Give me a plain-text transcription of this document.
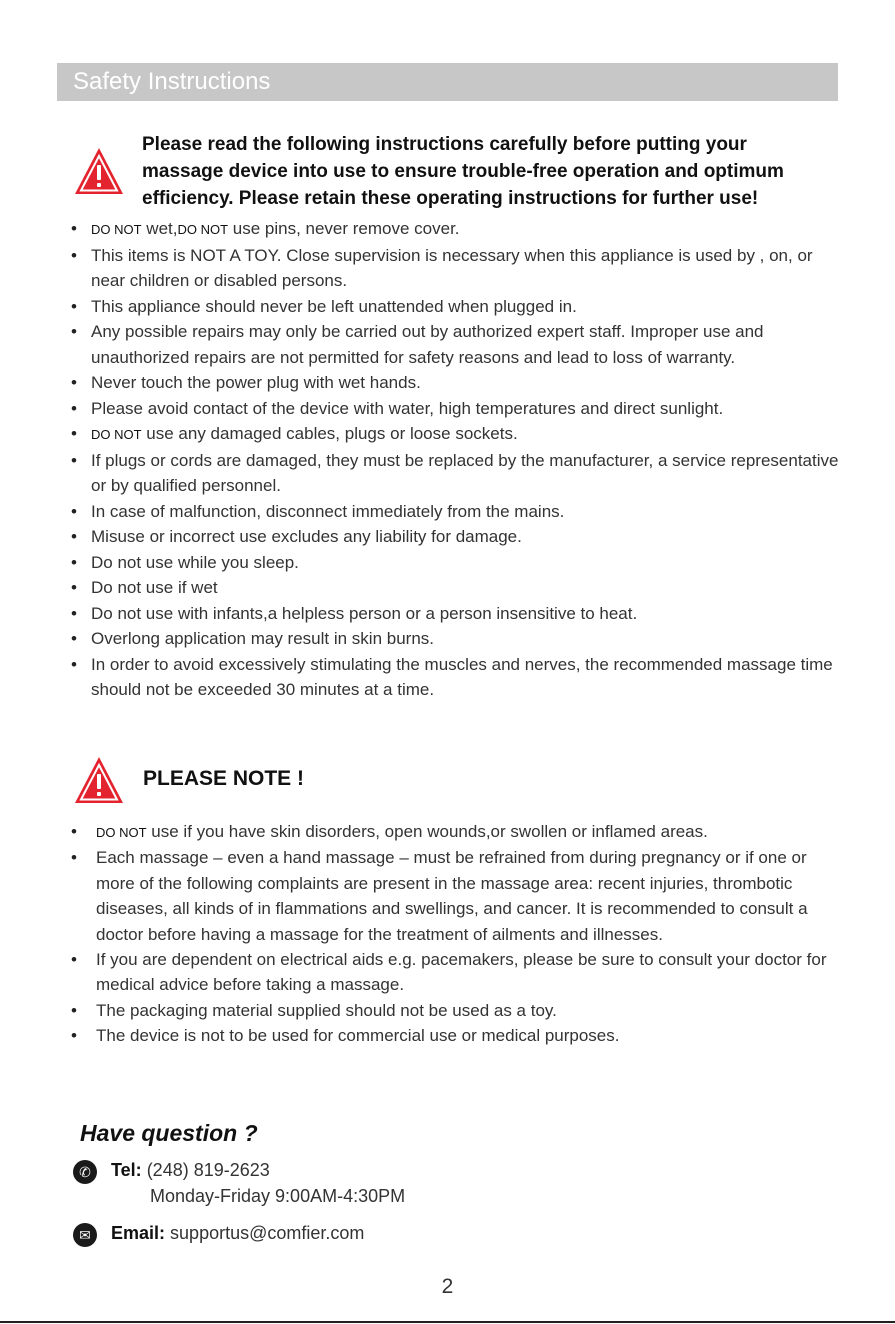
Safety Instructions
Please read the following instructions carefully before putting your massage device into use to ensure trouble-free operation and optimum efficiency. Please retain these operating instructions for further use!
• DO NOT wet,DO NOT use pins, never remove cover.
• This items is NOT A TOY. Close supervision is necessary when this appliance is used by , on, or near children or disabled persons.
• This appliance should never be left unattended when plugged in.
• Any possible repairs may only be carried out by authorized expert staff. Improper use and unauthorized repairs are not permitted for safety reasons and lead to loss of warranty.
• Never touch the power plug with wet hands.
• Please avoid contact of the device with water, high temperatures and direct sunlight.
• DO NOT use any damaged cables, plugs or loose sockets.
• If plugs or cords are damaged, they must be replaced by the manufacturer, a service representative or by qualified personnel.
• In case of malfunction, disconnect immediately from the mains.
• Misuse or incorrect use excludes any liability for damage.
• Do not use while you sleep.
• Do not use if wet
• Do not use with infants,a helpless person or a person insensitive to heat.
• Overlong application may result in skin burns.
• In order to avoid excessively stimulating the muscles and nerves, the recommended massage time should not be exceeded 30 minutes at a time.
PLEASE NOTE !
• DO NOT use if you have skin disorders, open wounds,or swollen or inflamed areas.
• Each massage – even a hand massage – must be refrained from during pregnancy or if one or more of the following complaints are present in the massage area: recent injuries, thrombotic diseases, all kinds of in flammations and swellings, and cancer. It is recommended to consult a doctor before having a massage for the treatment of ailments and illnesses.
• If you are dependent on electrical aids e.g. pacemakers, please be sure to consult your doctor for medical advice before taking a massage.
• The packaging material supplied should not be used as a toy.
• The device is not to be used for commercial use or medical purposes.
Have question ?
✆	Tel: (248) 819-2623
Monday-Friday 9:00AM-4:30PM
✉	Email: supportus@comfier.com
2
